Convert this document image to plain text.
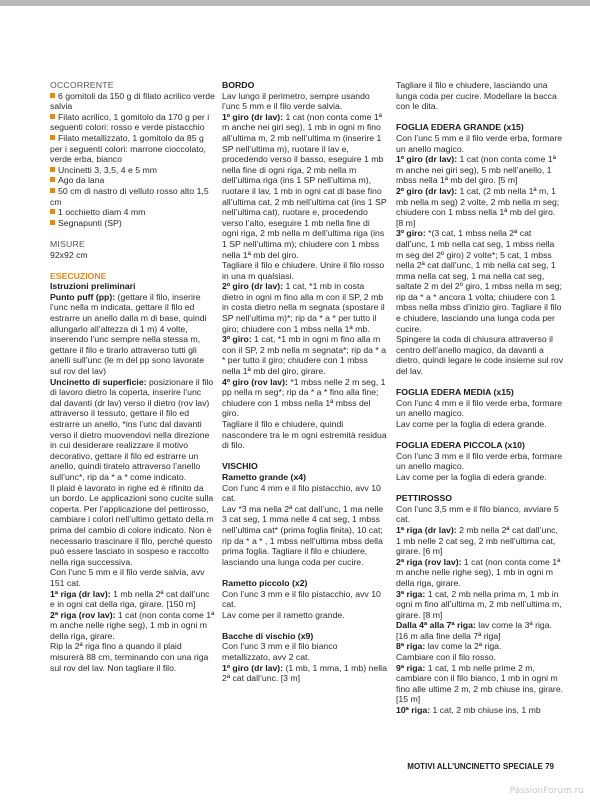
OCCORRENTE

6 gomitoli da 150 g di filato acrilico verde salvia

Filato acrilico, 1 gomitolo da 170 g per i seguenti colori: rosso e verde pistacchio

Filato metallizzato, 1 gomitolo da 85 g per i seguenti colori: marrone cioccolato, verde erba, bianco

Uncinetti 3, 3,5, 4 e 5 mm

Ago da lana

50 cm di nastro di velluto rosso alto 1,5 cm

1 occhietto diam 4 mm

Segnapunti (SP)

MISURE

92x92 cm

ESECUZIONE

Istruzioni preliminari

Punto puff (pp): (gettare il filo, inserire l’unc nella m indicata, gettare il filo ed estrarre un anello dalla m di base, quindi allungarlo all’altezza di 1 m) 4 volte, inserendo l’unc sempre nella stessa m, gettare il filo e tirarlo attraverso tutti gli anelli sull’unc (le m del pp sono lavorate sul rov del lav)

Uncinetto di superficie: posizionare il filo di lavoro dietro la coperta, inserire l’unc dal davanti (dr lav) verso il dietro (rov lav) attraverso il tessuto, gettare il filo ed estrarre un anello, *ins l’unc dal davanti verso il dietro muovendovi nella direzione in cui desiderare realizzare il motivo decorativo, gettare il filo ed estrarre un anello, quindi tiratelo attraverso l’anello sull’unc*, rip da * a * come indicato.

Il plaid è lavorato in righe ed è rifinito da un bordo. Le applicazioni sono cucite sulla coperta. Per l’applicazione del pettirosso, cambiare i colori nell’ultimo gettato della m prima del cambio di colore indicato. Non è necessario trascinare il filo, perché questo può essere lasciato in sospeso e raccolto nella riga successiva.

Con l’unc 5 mm e il filo verde salvia, avv 151 cat.

1ª riga (dr lav): 1 mb nella 2ª cat dall’unc e in ogni cat della riga, girare. [150 m]

2ª riga (rov lav): 1 cat (non conta come 1ª m anche nelle righe seg), 1 mb in ogni m della riga, girare.

Rip la 2ª riga fino a quando il plaid misurerà 88 cm, terminando con una riga sul rov del lav. Non tagliare il filo.

BORDO

Lav lungo il perimetro, sempre usando l’unc 5 mm e il filo verde salvia.

1º giro (dr lav): 1 cat (non conta come 1ª m anche nei giri seg), 1 mb in ogni m fino all’ultima m, 2 mb nell’ultima m (inserire 1 SP nell’ultima m), ruotare il lav e, procedendo verso il basso, eseguire 1 mb nella fine di ogni riga, 2 mb nella m dell’ultima riga (ins 1 SP nell’ultima m), ruotare il lav, 1 mb in ogni cat di base fino all’ultima cat, 2 mb nell’ultima cat (ins 1 SP nell’ultima cat), ruotare e, procedendo verso l’alto, eseguire 1 mb nella fine di ogni riga, 2 mb nella m dell’ultima riga (ins 1 SP nell’ultima m); chiudere con 1 mbss nella 1ª mb del giro.

Tagliare il filo e chiudere. Unire il filo rosso in una m qualsiasi.

2º giro (dr lav): 1 cat, *1 mb in costa dietro in ogni m fino alla m con il SP, 2 mb in costa dietro nella m segnata (spostare il SP nell’ultima m)*; rip da * a * per tutto il giro; chiudere con 1 mbss nella 1ª mb.

3º giro: 1 cat, *1 mb in ogni m fino alla m con il SP, 2 mb nella m segnata*; rip da * a * per tutto il giro; chiudere con 1 mbss nella 1ª mb del giro, girare.

4º giro (rov lav): *1 mbss nelle 2 m seg, 1 pp nella m seg*; rip da * a * fino alla fine; chiudere con 1 mbss nella 1ª mbss del giro.

Tagliare il filo e chiudere, quindi nascondere tra le m ogni estremità residua di filo.

VISCHIO

Rametto grande (x4)

Con l’unc 4 mm e il filo pistacchio, avv 10 cat.

Lav *3 ma nella 2ª cat dall’unc, 1 ma nelle 3 cat seg, 1 mma nelle 4 cat seg, 1 mbss nell’ultima cat* (prima foglia finita), 10 cat; rip da * a * , 1 mbss nell’ultima mbss della prima foglia. Tagliare il filo e chiudere, lasciando una lunga coda per cucire.

Rametto piccolo (x2)

Con l’unc 3 mm e il filo pistacchio, avv 10 cat.

Lav come per il rametto grande.

Bacche di vischio (x9)

Con l’unc 3 mm e il filo bianco metallizzato, avv 2 cat.

1º giro (dr lav): (1 mb, 1 mma, 1 mb) nella 2ª cat dall’unc. [3 m]

Tagliare il filo e chiudere, lasciando una lunga coda per cucire. Modellare la bacca con le dita.

FOGLIA EDERA GRANDE (x15)

Con l’unc 5 mm e il filo verde erba, formare un anello magico.

1º giro (dr lav): 1 cat (non conta come 1ª m anche nei giri seg), 5 mb nell’anello, 1 mbss nella 1ª mb del giro. [5 m]

2º giro (dr lav): 1 cat, (2 mb nella 1ª m, 1 mb nella m seg) 2 volte, 2 mb nella m seg; chiudere con 1 mbss nella 1ª mb del giro. [8 m]

3º giro: *(3 cat, 1 mbss nella 2ª cat dall’unc, 1 mb nella cat seg, 1 mbss nella m seg del 2º giro) 2 volte*; 5 cat, 1 mbss nella 2ª cat dall’unc, 1 mb nella cat seg, 1 mma nella cat seg, 1 ma nella cat seg, saltate 2 m del 2º giro, 1 mbss nella m seg; rip da * a * ancora 1 volta; chiudere con 1 mbss nella mbss d’inizio giro. Tagliare il filo e chiudere, lasciando una lunga coda per cucire.

Spingere la coda di chiusura attraverso il centro dell’anello magico, da davanti a dietro, quindi legare le code insieme sul rov del lav.

FOGLIA EDERA MEDIA (x15)

Con l’unc 4 mm e il filo verde erba, formare un anello magico.

Lav come per la foglia di edera grande.

FOGLIA EDERA PICCOLA (x10)

Con l’unc 3 mm e il filo verde erba, formare un anello magico.

Lav come per la foglia di edera grande.

PETTIROSSO

Con l’unc 3,5 mm e il filo bianco, avviare 5 cat.

1ª riga (dr lav): 2 mb nella 2ª cat dall’unc, 1 mb nelle 2 cat seg, 2 mb nell’ultima cat, girare. [6 m]

2ª riga (rov lav): 1 cat (non conta come 1ª m anche nelle righe seg), 1 mb in ogni m della riga, girare.

3ª riga: 1 cat, 2 mb nella prima m, 1 mb in ogni m fino all’ultima m, 2 mb nell’ultima m, girare. [8 m]

Dalla 4ª alla 7ª riga: lav come la 3ª riga. [16 m alla fine della 7ª riga]

8ª riga: lav come la 2ª riga.

Cambiare con il filo rosso.

9ª riga: 1 cat, 1 mb nelle prime 2 m, cambiare con il filo bianco, 1 mb in ogni m fino alle ultime 2 m, 2 mb chiuse ins, girare. [15 m]

10ª riga: 1 cat, 2 mb chiuse ins, 1 mb

MOTIVI ALL’UNCINETTO SPECIALE 79
PassionForum.ru
